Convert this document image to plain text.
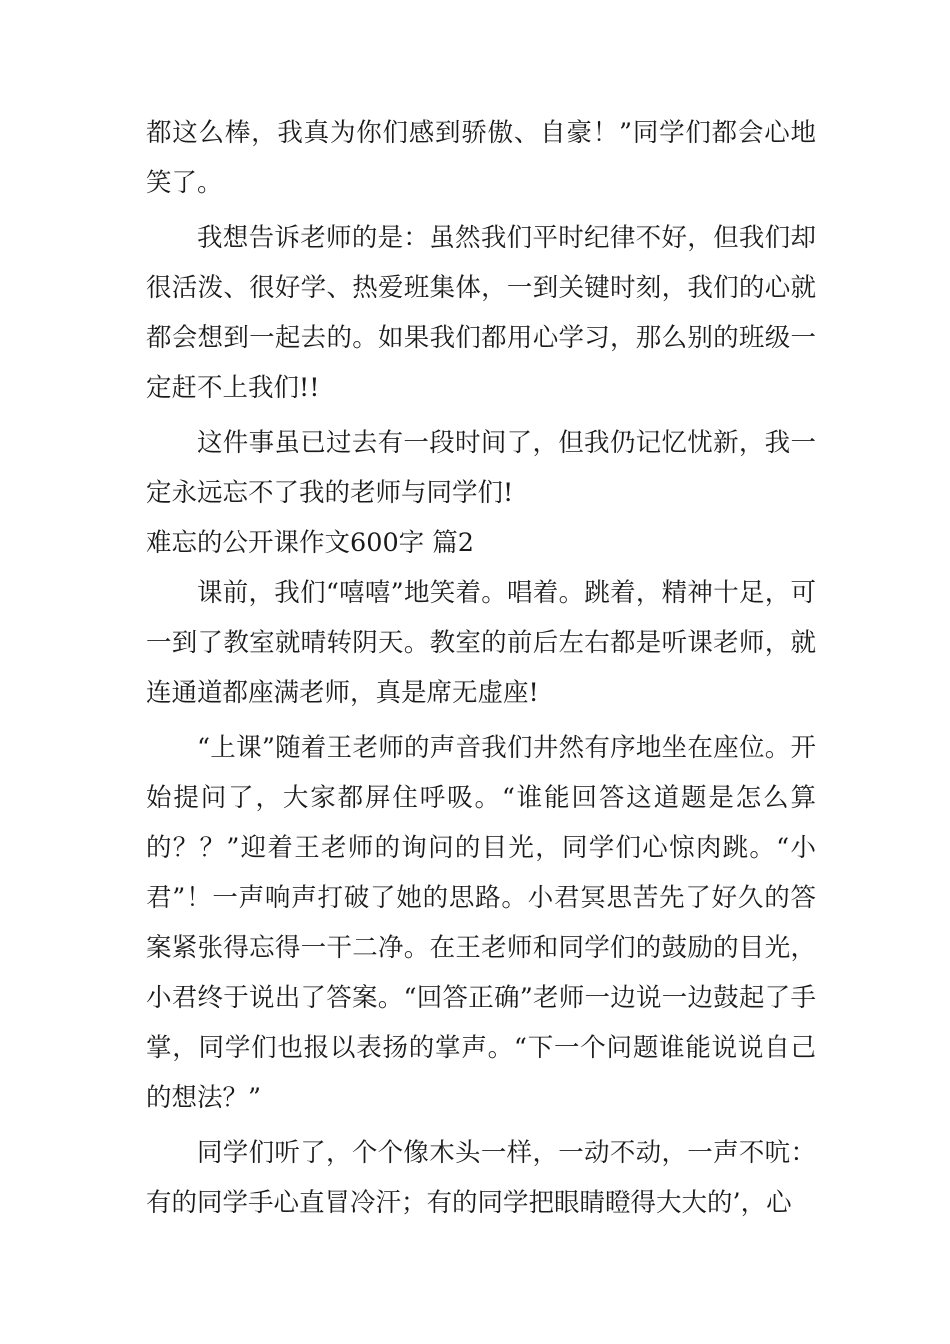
都这么棒，我真为你们感到骄傲、自豪！”同学们都会心地笑了。

我想告诉老师的是：虽然我们平时纪律不好，但我们却很活泼、很好学、热爱班集体，一到关键时刻，我们的心就都会想到一起去的。如果我们都用心学习，那么别的班级一定赶不上我们!!

这件事虽已过去有一段时间了，但我仍记忆忧新，我一定永远忘不了我的老师与同学们!

难忘的公开课作文600字 篇2

课前，我们“嘻嘻”地笑着。唱着。跳着，精神十足，可一到了教室就晴转阴天。教室的前后左右都是听课老师，就连通道都座满老师，真是席无虚座!

“上课”随着王老师的声音我们井然有序地坐在座位。开始提问了，大家都屏住呼吸。“谁能回答这道题是怎么算的？？”迎着王老师的询问的目光，同学们心惊肉跳。“小君”！一声响声打破了她的思路。小君冥思苦先了好久的答案紧张得忘得一干二净。在王老师和同学们的鼓励的目光，小君终于说出了答案。“回答正确”老师一边说一边鼓起了手掌，同学们也报以表扬的掌声。“下一个问题谁能说说自己的想法？”

同学们听了，个个像木头一样，一动不动，一声不吭：有的同学手心直冒冷汗；有的同学把眼睛瞪得大大的’，心
